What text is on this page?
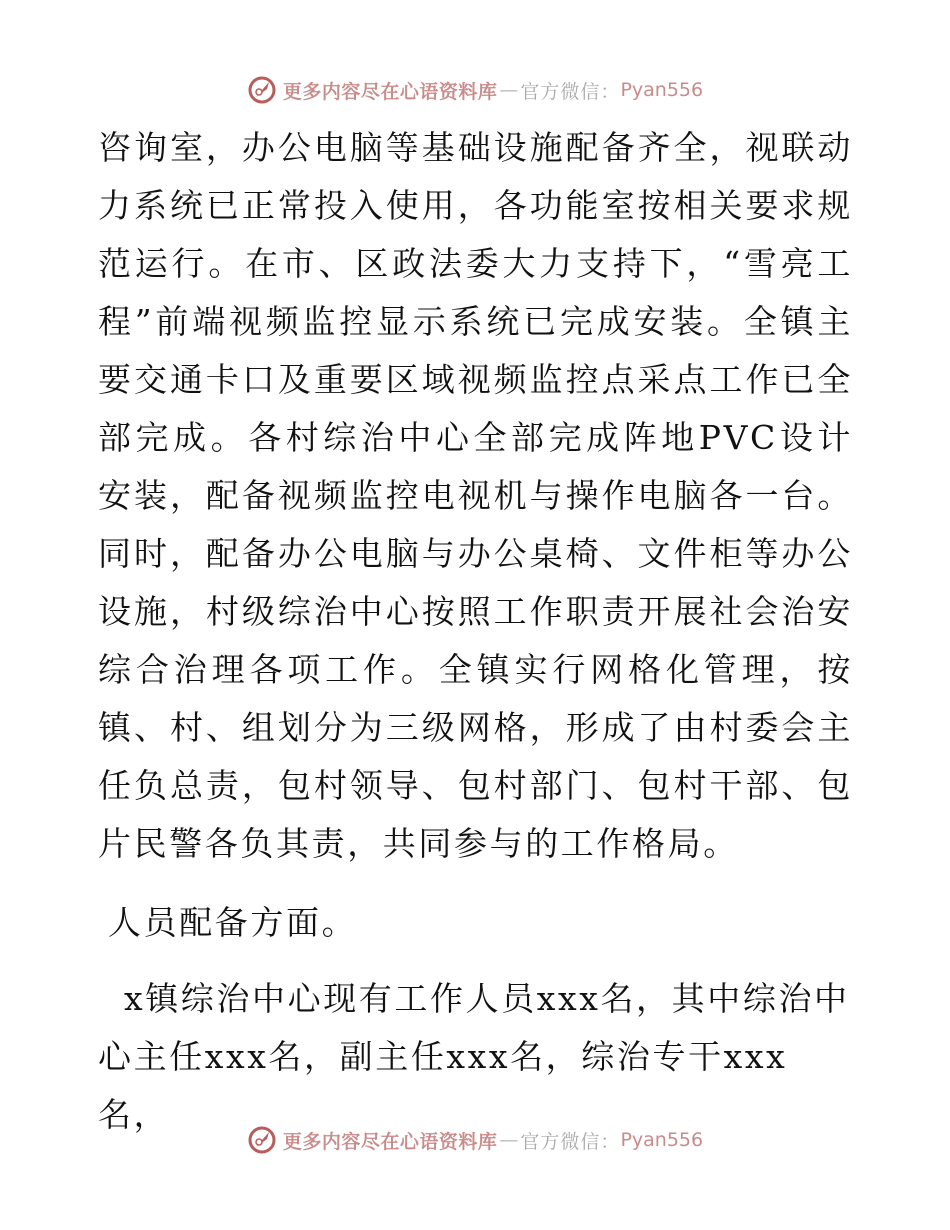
更多内容尽在心语资料库 — 官方微信： Pyan556

咨询室，办公电脑等基础设施配备齐全，视联动力系统已正常投入使用，各功能室按相关要求规范运行。在市、区政法委大力支持下，“雪亮工程”前端视频监控显示系统已完成安装。全镇主要交通卡口及重要区域视频监控点采点工作已全部完成。各村综治中心全部完成阵地PVC设计安装，配备视频监控电视机与操作电脑各一台。同时，配备办公电脑与办公桌椅、文件柜等办公设施，村级综治中心按照工作职责开展社会治安综合治理各项工作。全镇实行网格化管理，按镇、村、组划分为三级网格，形成了由村委会主任负总责，包村领导、包村部门、包村干部、包片民警各负其责，共同参与的工作格局。

人员配备方面。

x镇综治中心现有工作人员xxx名，其中综治中心主任xxx名，副主任xxx名，综治专干xxx名，

更多内容尽在心语资料库 — 官方微信： Pyan556
